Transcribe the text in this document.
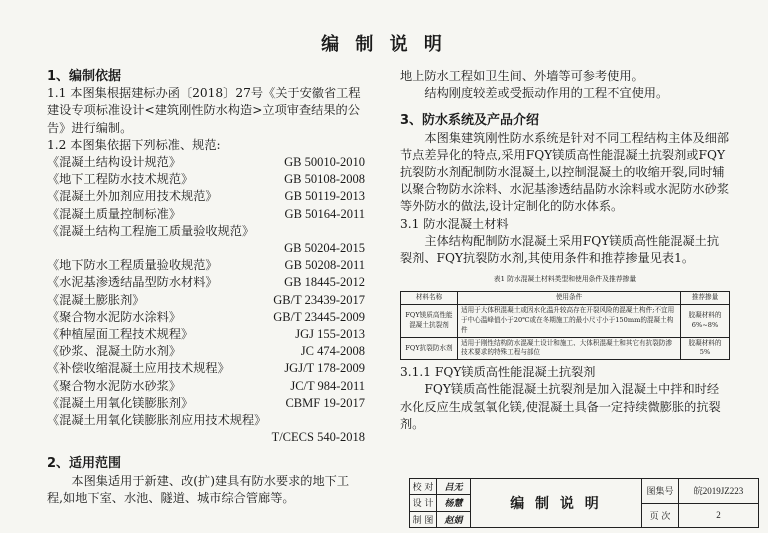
编 制 说 明

1、编制依据

1.1 本图集根据建标办函〔2018〕27号《关于安徽省工程建设专项标准设计<建筑刚性防水构造>立项审查结果的公告》进行编制。

1.2 本图集依据下列标准、规范:

《混凝土结构设计规范》	GB 50010-2010
《地下工程防水技术规范》	GB 50108-2008
《混凝土外加剂应用技术规范》	GB 50119-2013
《混凝土质量控制标准》	GB 50164-2011

《混凝土结构工程施工质量验收规范》

GB 50204-2015

《地下防水工程质量验收规范》	GB 50208-2011
《水泥基渗透结晶型防水材料》	GB 18445-2012
《混凝土膨胀剂》	GB/T 23439-2017
《聚合物水泥防水涂料》	GB/T 23445-2009
《种植屋面工程技术规程》	JGJ 155-2013
《砂浆、混凝土防水剂》	JC 474-2008
《补偿收缩混凝土应用技术规程》	JGJ/T 178-2009
《聚合物水泥防水砂浆》	JC/T 984-2011
《混凝土用氧化镁膨胀剂》	CBMF 19-2017

《混凝土用氧化镁膨胀剂应用技术规程》

T/CECS 540-2018

2、适用范围

本图集适用于新建、改(扩)建具有防水要求的地下工程,如地下室、水池、隧道、城市综合管廊等。

地上防水工程如卫生间、外墙等可参考使用。

结构刚度较差或受振动作用的工程不宜使用。

3、防水系统及产品介绍

本图集建筑刚性防水系统是针对不同工程结构主体及细部节点差异化的特点,采用FQY镁质高性能混凝土抗裂剂或FQY抗裂防水剂配制防水混凝土,以控制混凝土的收缩开裂,同时辅以聚合物防水涂料、水泥基渗透结晶防水涂料或水泥防水砂浆等外防水的做法,设计定制化的防水体系。

3.1 防水混凝土材料

主体结构配制防水混凝土采用FQY镁质高性能混凝土抗裂剂、FQY抗裂防水剂,其使用条件和推荐掺量见表1。

表1 防水混凝土材料类型和使用条件及推荐掺量
材料名称	使用条件	推荐掺量
FQY镁质高性能混凝土抗裂剂	适用于大体积混凝土或因水化温升较高存在开裂风险的混凝土构件;不宜用于中心温峰值小于20℃或在冬期施工的最小尺寸小于150mm的混凝土构件	胶凝材料的6%~8%
FQY抗裂防水剂	适用于刚性结构防水混凝土设计和施工、大体积混凝土和其它有抗裂防渗技术要求的特殊工程与部位	胶凝材料的5%

3.1.1 FQY镁质高性能混凝土抗裂剂

FQY镁质高性能混凝土抗裂剂是加入混凝土中拌和时经水化反应生成氢氧化镁,使混凝土具备一定持续微膨胀的抗裂剂。

校 对	吕无
设 计	杨慧
制 图	赵娟
编 制 说 明
图集号	皖2019JZ223
页 次	2
